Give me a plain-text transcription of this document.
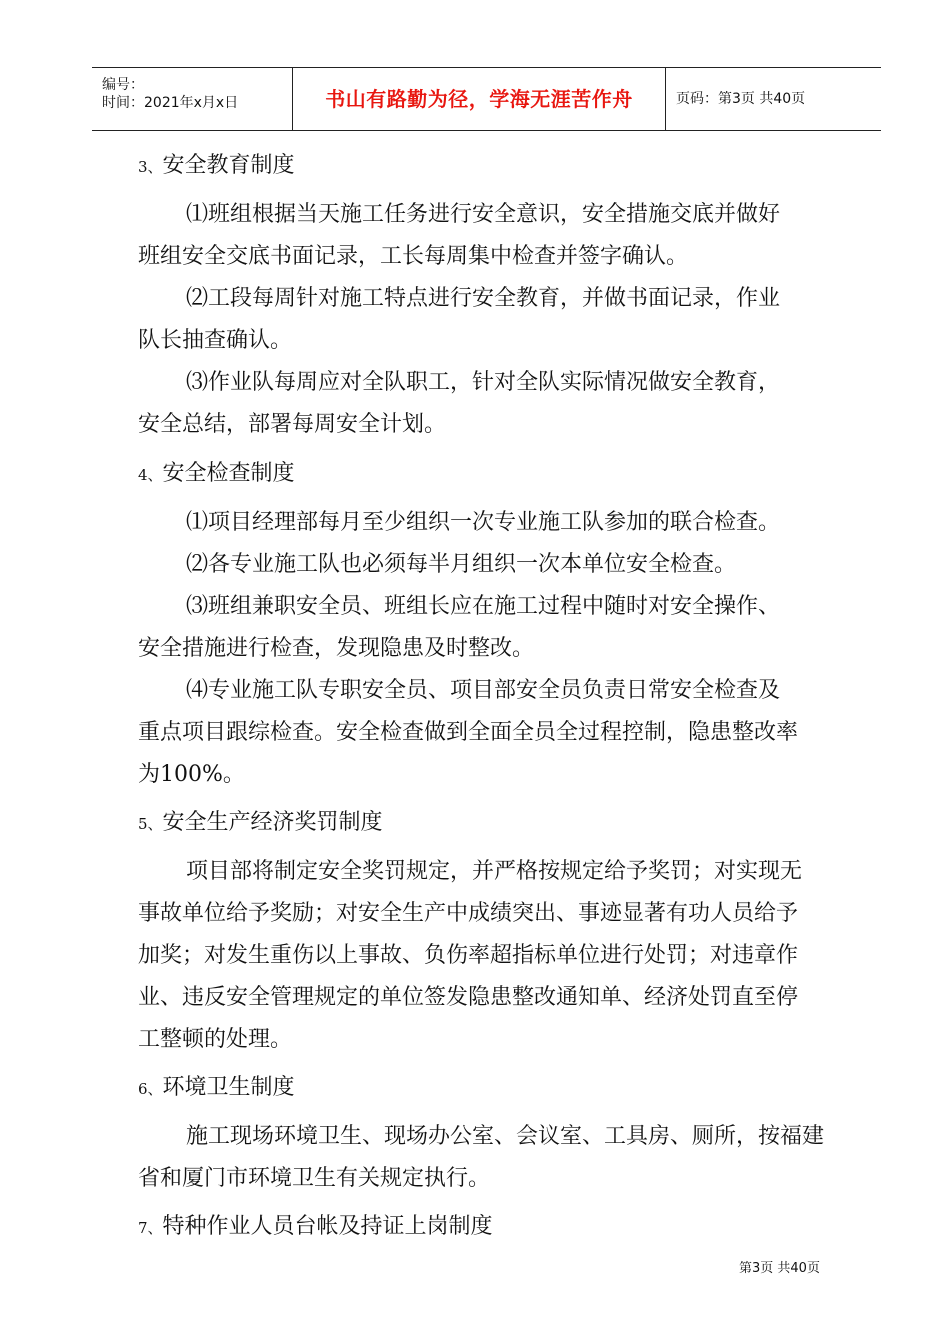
编号：
时间：2021年x月x日	书山有路勤为径，学海无涯苦作舟	页码：第3页 共40页
3、安全教育制度
⑴班组根据当天施工任务进行安全意识，安全措施交底并做好
班组安全交底书面记录，工长每周集中检查并签字确认。
⑵工段每周针对施工特点进行安全教育，并做书面记录，作业
队长抽查确认。
⑶作业队每周应对全队职工，针对全队实际情况做安全教育，
安全总结，部署每周安全计划。
4、安全检查制度
⑴项目经理部每月至少组织一次专业施工队参加的联合检查。
⑵各专业施工队也必须每半月组织一次本单位安全检查。
⑶班组兼职安全员、班组长应在施工过程中随时对安全操作、
安全措施进行检查，发现隐患及时整改。
⑷专业施工队专职安全员、项目部安全员负责日常安全检查及
重点项目跟综检查。安全检查做到全面全员全过程控制，隐患整改率
为100%。
5、安全生产经济奖罚制度
项目部将制定安全奖罚规定，并严格按规定给予奖罚；对实现无
事故单位给予奖励；对安全生产中成绩突出、事迹显著有功人员给予
加奖；对发生重伤以上事故、负伤率超指标单位进行处罚；对违章作
业、违反安全管理规定的单位签发隐患整改通知单、经济处罚直至停
工整顿的处理。
6、环境卫生制度
施工现场环境卫生、现场办公室、会议室、工具房、厕所，按福建
省和厦门市环境卫生有关规定执行。
7、特种作业人员台帐及持证上岗制度
第3页 共40页
